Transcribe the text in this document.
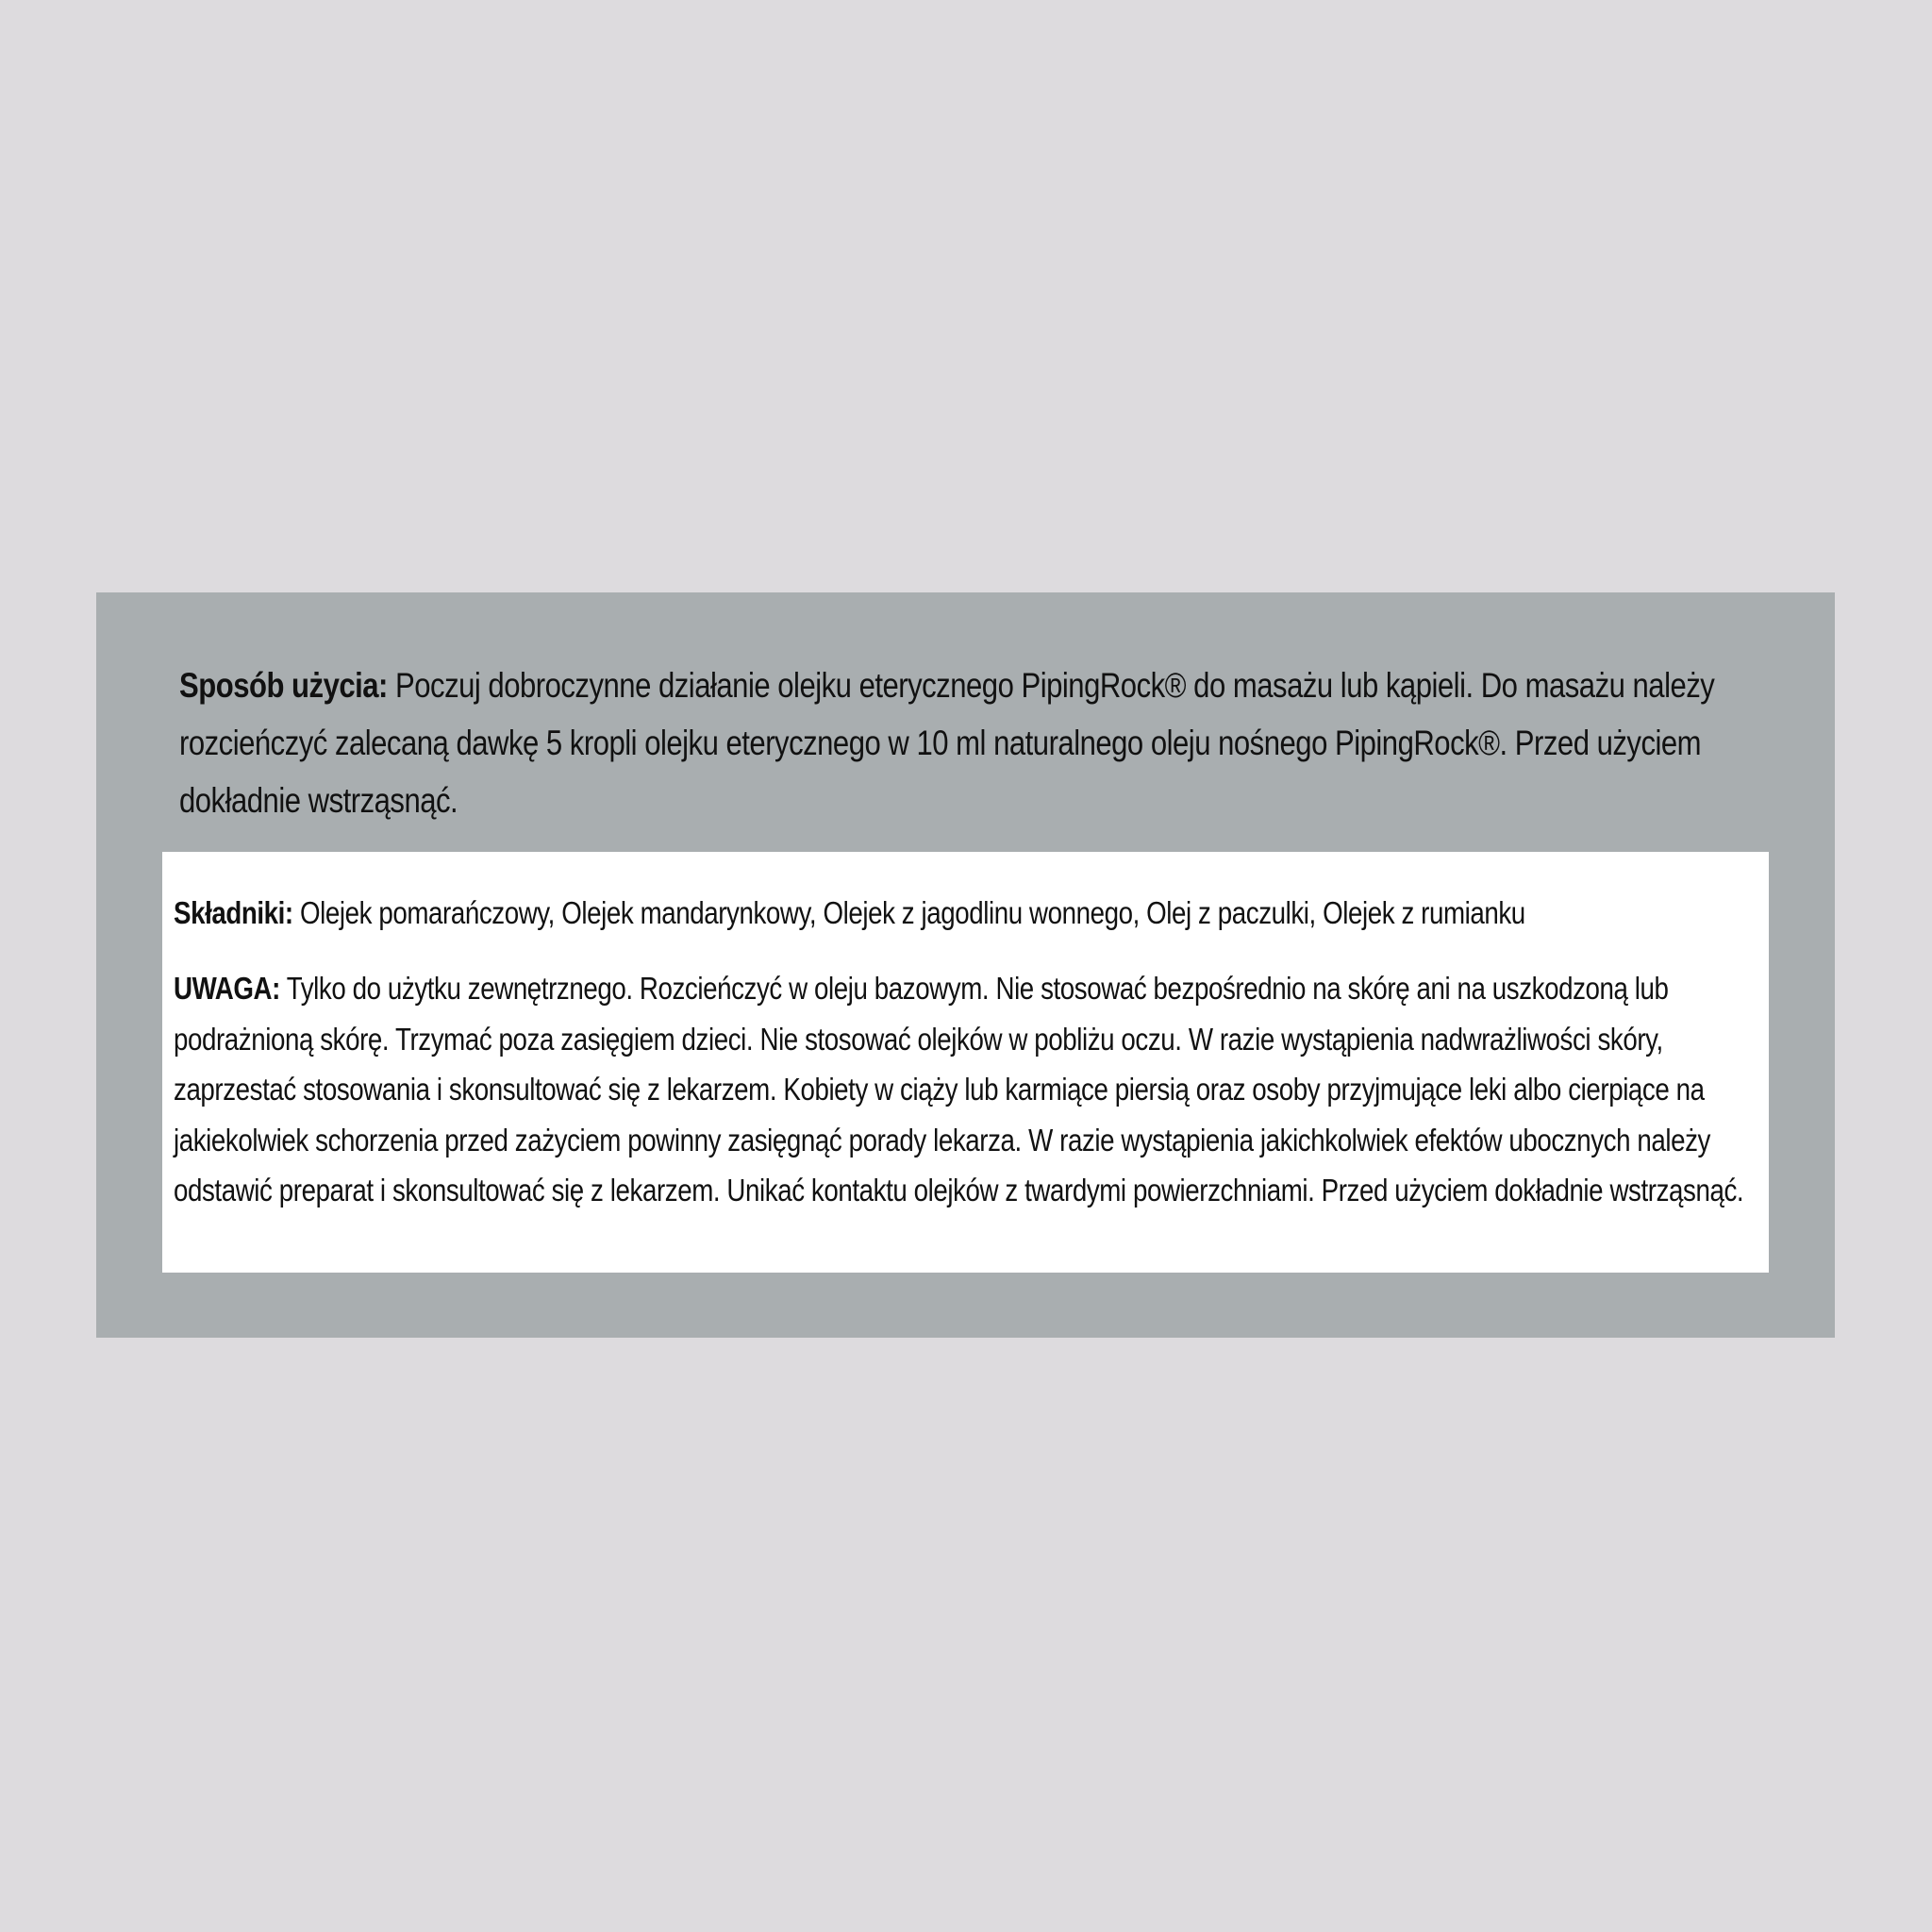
Sposób użycia: Poczuj dobroczynne działanie olejku eterycznego PipingRock® do masażu lub kąpieli. Do masażu należy rozcieńczyć zalecaną dawkę 5 kropli olejku eterycznego w 10 ml naturalnego oleju nośnego PipingRock®. Przed użyciem dokładnie wstrząsnąć.

Składniki: Olejek pomarańczowy, Olejek mandarynkowy, Olejek z jagodlinu wonnego, Olej z paczulki, Olejek z rumianku

UWAGA: Tylko do użytku zewnętrznego. Rozcieńczyć w oleju bazowym. Nie stosować bezpośrednio na skórę ani na uszkodzoną lub podrażnioną skórę. Trzymać poza zasięgiem dzieci. Nie stosować olejków w pobliżu oczu. W razie wystąpienia nadwrażliwości skóry, zaprzestać stosowania i skonsultować się z lekarzem. Kobiety w ciąży lub karmiące piersią oraz osoby przyjmujące leki albo cierpiące na jakiekolwiek schorzenia przed zażyciem powinny zasięgnąć porady lekarza. W razie wystąpienia jakichkolwiek efektów ubocznych należy odstawić preparat i skonsultować się z lekarzem. Unikać kontaktu olejków z twardymi powierzchniami. Przed użyciem dokładnie wstrząsnąć.
